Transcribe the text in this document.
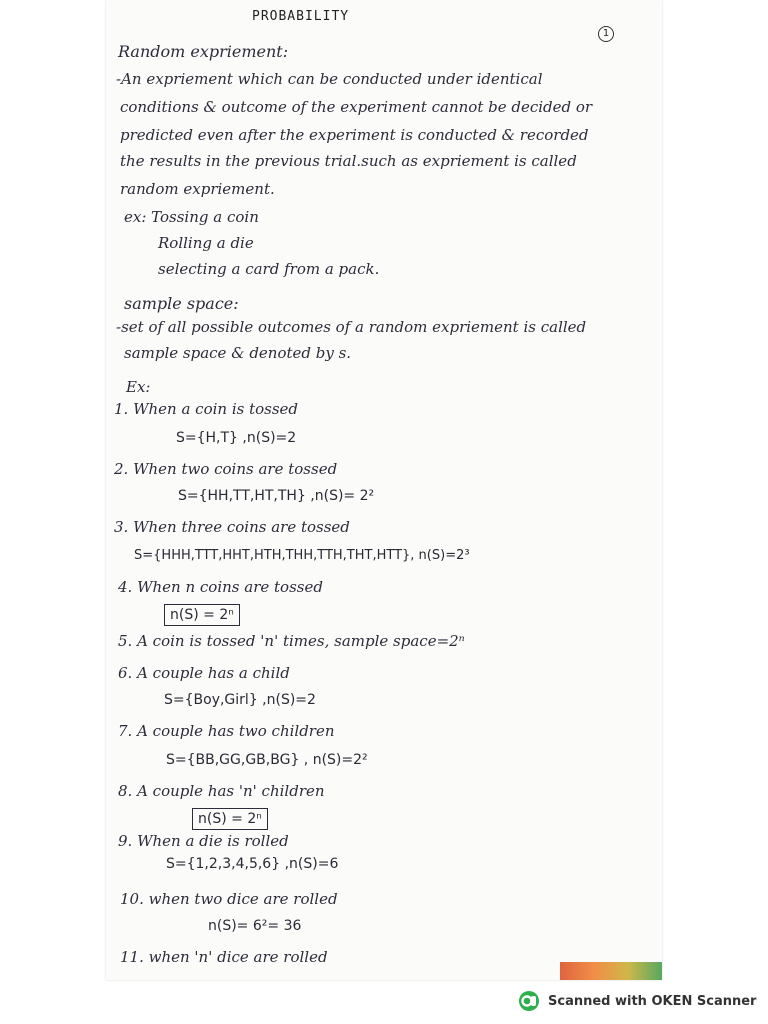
PROBABILITY
1
Random expriement:
-An expriement which can be conducted under identical
conditions & outcome of the experiment cannot be decided or
predicted even after the experiment is conducted & recorded
the results in the previous trial.such as expriement is called
random expriement.
ex: Tossing a coin
Rolling a die
selecting a card from a pack.
sample space:
-set of all possible outcomes of a random expriement is called
sample space & denoted by s.
Ex:
1. When a coin is tossed
S={H,T} ,n(S)=2
2. When two coins are tossed
S={HH,TT,HT,TH} ,n(S)= 2²
3. When three coins are tossed
S={HHH,TTT,HHT,HTH,THH,TTH,THT,HTT}, n(S)=2³
4. When n coins are tossed
n(S) = 2ⁿ
5. A coin is tossed 'n' times, sample space=2ⁿ
6. A couple has a child
S={Boy,Girl} ,n(S)=2
7. A couple has two children
S={BB,GG,GB,BG} , n(S)=2²
8. A couple has 'n' children
n(S) = 2ⁿ
9. When a die is rolled
S={1,2,3,4,5,6} ,n(S)=6
10. when two dice are rolled
n(S)= 6²= 36
11. when 'n' dice are rolled
Scanned with OKEN Scanner
